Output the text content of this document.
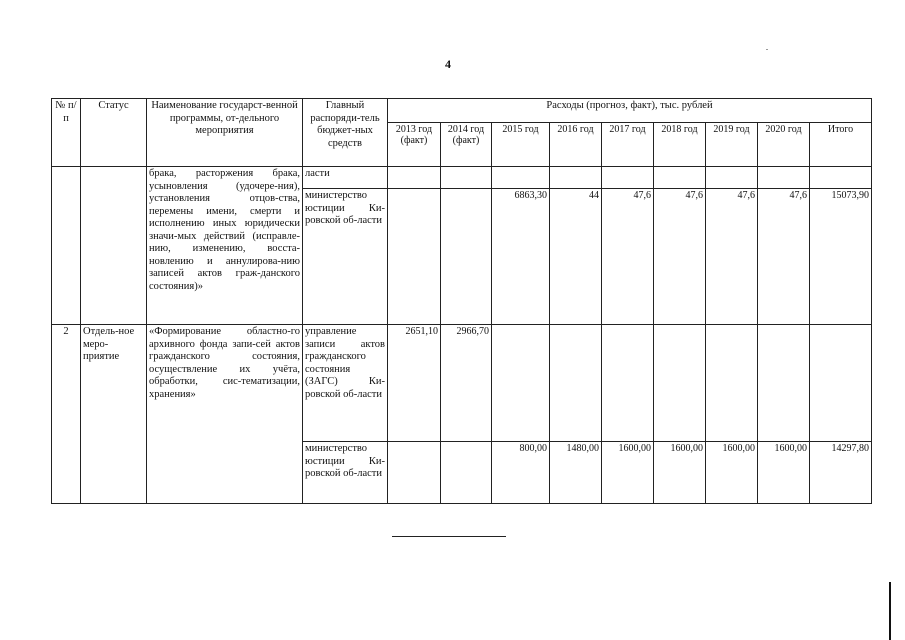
4
№ п/п	Статус	Наименование государст-венной программы, от-дельного мероприятия	Главный распоряди-тель бюджет-ных средств	Расходы (прогноз, факт), тыс. рублей								
				2013 год (факт)	2014 год (факт)	2015 год	2016 год	2017 год	2018 год	2019 год	2020 год	Итого
		брака, расторжения брака, усыновления (удочере-ния), установления отцов-ства, перемены имени, смерти и исполнению иных юридически значи-мых действий (исправле-нию, изменению, восста-новлению и аннулирова-нию записей актов граж-данского состояния)»	ласти									
			министерство юстиции Ки-ровской об-ласти			6863,30	44	47,6	47,6	47,6	47,6	15073,90
2	Отдель-ное меро-приятие	«Формирование областно-го архивного фонда запи-сей актов гражданского состояния, осуществление их учёта, обработки, сис-тематизации, хранения»	управление записи актов гражданского состояния (ЗАГС) Ки-ровской об-ласти	2651,10	2966,70							
			министерство юстиции Ки-ровской об-ласти			800,00	1480,00	1600,00	1600,00	1600,00	1600,00	14297,80
